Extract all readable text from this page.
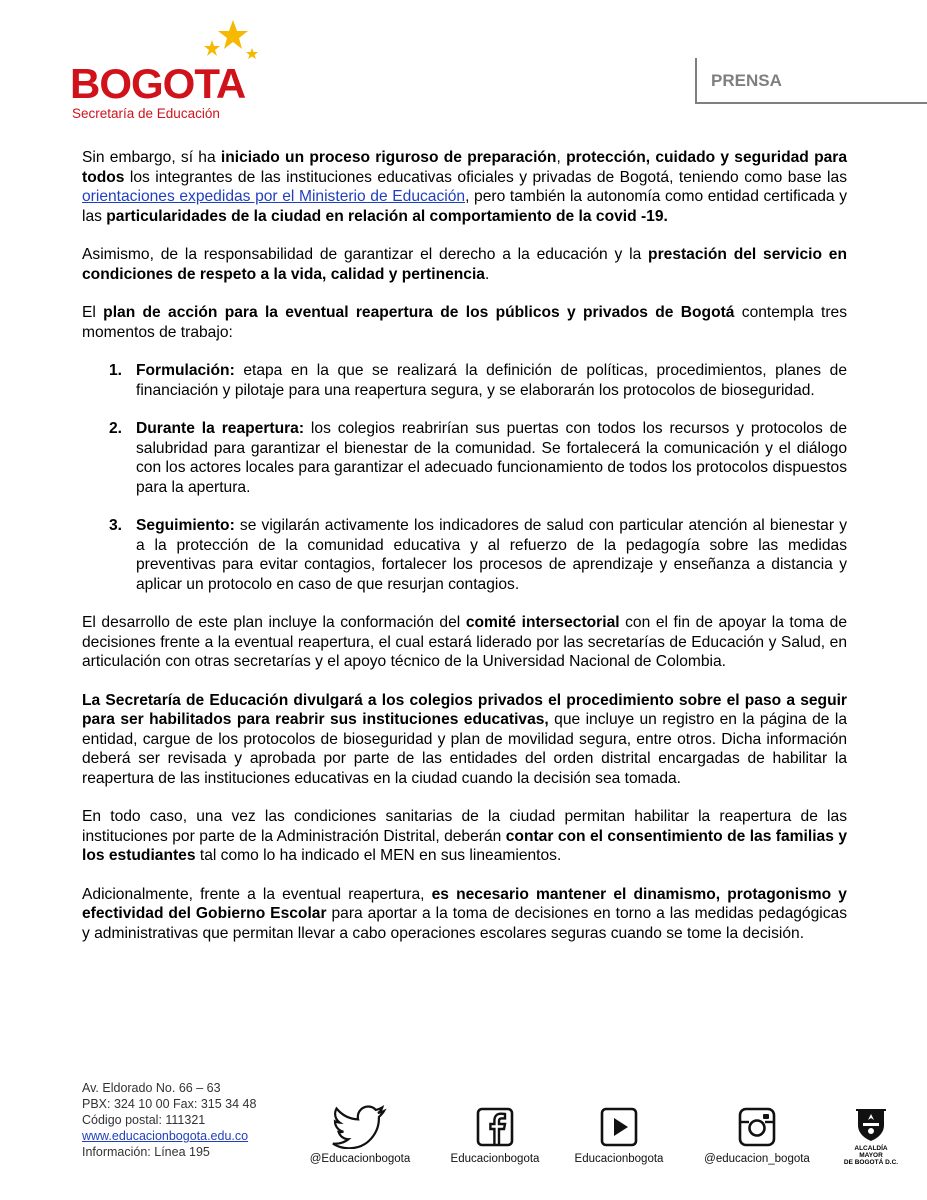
BOGOTA
Secretaría de Educación
PRENSA

Sin embargo, sí ha iniciado un proceso riguroso de preparación, protección, cuidado y seguridad para todos los integrantes de las instituciones educativas oficiales y privadas de Bogotá, teniendo como base las orientaciones expedidas por el Ministerio de Educación, pero también la autonomía como entidad certificada y las particularidades de la ciudad en relación al comportamiento de la covid -19.

Asimismo, de la responsabilidad de garantizar el derecho a la educación y la prestación del servicio en condiciones de respeto a la vida, calidad y pertinencia.

El plan de acción para la eventual reapertura de los públicos y privados de Bogotá contempla tres momentos de trabajo:

1. Formulación: etapa en la que se realizará la definición de políticas, procedimientos, planes de financiación y pilotaje para una reapertura segura, y se elaborarán los protocolos de bioseguridad.
2. Durante la reapertura: los colegios reabrirían sus puertas con todos los recursos y protocolos de salubridad para garantizar el bienestar de la comunidad. Se fortalecerá la comunicación y el diálogo con los actores locales para garantizar el adecuado funcionamiento de todos los protocolos dispuestos para la apertura.
3. Seguimiento: se vigilarán activamente los indicadores de salud con particular atención al bienestar y a la protección de la comunidad educativa y al refuerzo de la pedagogía sobre las medidas preventivas para evitar contagios, fortalecer los procesos de aprendizaje y enseñanza a distancia y aplicar un protocolo en caso de que resurjan contagios.

El desarrollo de este plan incluye la conformación del comité intersectorial con el fin de apoyar la toma de decisiones frente a la eventual reapertura, el cual estará liderado por las secretarías de Educación y Salud, en articulación con otras secretarías y el apoyo técnico de la Universidad Nacional de Colombia.

La Secretaría de Educación divulgará a los colegios privados el procedimiento sobre el paso a seguir para ser habilitados para reabrir sus instituciones educativas, que incluye un registro en la página de la entidad, cargue de los protocolos de bioseguridad y plan de movilidad segura, entre otros. Dicha información deberá ser revisada y aprobada por parte de las entidades del orden distrital encargadas de habilitar la reapertura de las instituciones educativas en la ciudad cuando la decisión sea tomada.

En todo caso, una vez las condiciones sanitarias de la ciudad permitan habilitar la reapertura de las instituciones por parte de la Administración Distrital, deberán contar con el consentimiento de las familias y los estudiantes tal como lo ha indicado el MEN en sus lineamientos.

Adicionalmente, frente a la eventual reapertura, es necesario mantener el dinamismo, protagonismo y efectividad del Gobierno Escolar para aportar a la toma de decisiones en torno a las medidas pedagógicas y administrativas que permitan llevar a cabo operaciones escolares seguras cuando se tome la decisión.

Av. Eldorado No. 66 – 63
PBX: 324 10 00 Fax: 315 34 48
Código postal: 111321
www.educacionbogota.edu.co
Información: Línea 195	@Educacionbogota	Educacionbogota	Educacionbogota	@educacion_bogota
ALCALDÍA MAYOR
DE BOGOTÁ D.C.
